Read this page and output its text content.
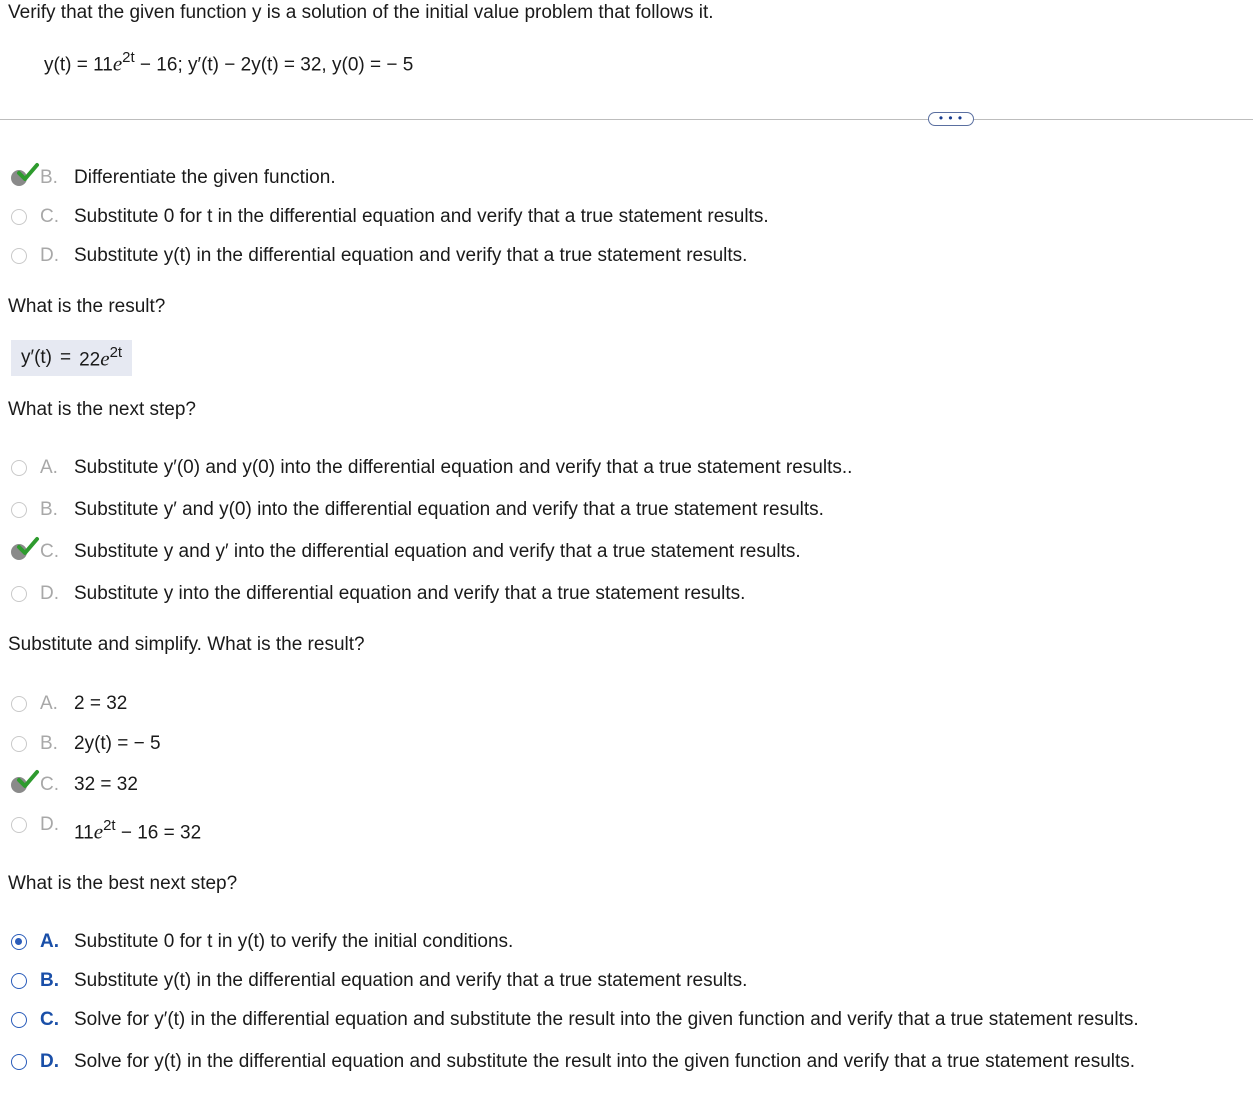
Verify that the given function y is a solution of the initial value problem that follows it.
$y(t) = 11e^{2t} - 16$; y′(t) − 2y(t) = 32, y(0) = − 5
• • •
B. Differentiate the given function.
C. Substitute 0 for t in the differential equation and verify that a true statement results.
D. Substitute y(t) in the differential equation and verify that a true statement results.
What is the result?
$y'(t) = 22e^{2t}$
What is the next step?
A. Substitute y′(0) and y(0) into the differential equation and verify that a true statement results..
B. Substitute y′ and y(0) into the differential equation and verify that a true statement results.
C. Substitute y and y′ into the differential equation and verify that a true statement results.
D. Substitute y into the differential equation and verify that a true statement results.
Substitute and simplify. What is the result?
A. 2 = 32
B. 2y(t) = − 5
C. 32 = 32
D. $11e^{2t} - 16 = 32$
What is the best next step?
A. Substitute 0 for t in y(t) to verify the initial conditions.
B. Substitute y(t) in the differential equation and verify that a true statement results.
C. Solve for y′(t) in the differential equation and substitute the result into the given function and verify that a true statement results.
D. Solve for y(t) in the differential equation and substitute the result into the given function and verify that a true statement results.
